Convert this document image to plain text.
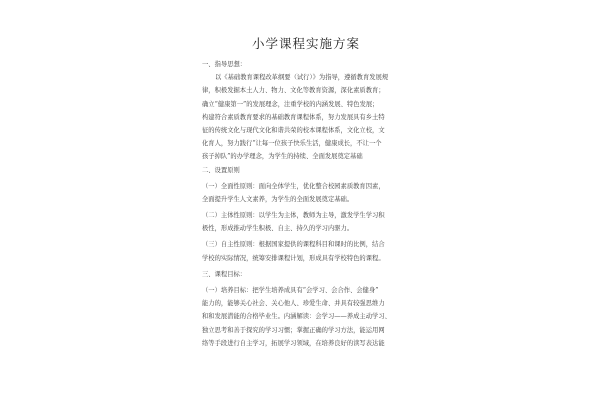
小学课程实施方案
一、指导思想：
以《基础教育课程改革纲要（试行）》为指导，遵循教育发展规
律，积极发掘本土人力、物力、文化等教育资源，深化素质教育；
确立“健康第一”的发展理念，注重学校的内涵发展、特色发展；
构建符合素质教育要求的基础教育课程体系，努力发展具有乡土特
征的传统文化与现代文化和谐共荣的校本课程体系，文化立校，文
化育人，努力践行“让每一位孩子快乐生活，健康成长，不让一个
孩子掉队”的办学理念，为学生的持续、全面发展奠定基础
二、设置原则
（一）全面性原则：面向全体学生，优化整合校园素质教育因素，
全面提升学生人文素养，为学生的全面发展奠定基础。
（二）主体性原则：以学生为主体，教师为主导，激发学生学习积
极性，形成推动学生积极、自主、持久的学习内驱力。
（三）自主性原则：根据国家提供的课程科目和课时的比例，结合
学校的实际情况，统筹安排课程计划，形成具有学校特色的课程。
三、课程目标：
（一）培养目标：把学生培养成具有“会学习、会合作、会健身”
能力的，能够关心社会、关心他人、珍爱生命、并具有较强思维力
和和发展潜能的合格毕业生。内涵解读：会学习——养成主动学习、
独立思考和善于探究的学习习惯；掌握正确的学习方法，能运用网
络等手段进行自主学习，拓展学习领域，在培养良好的读写表达能
